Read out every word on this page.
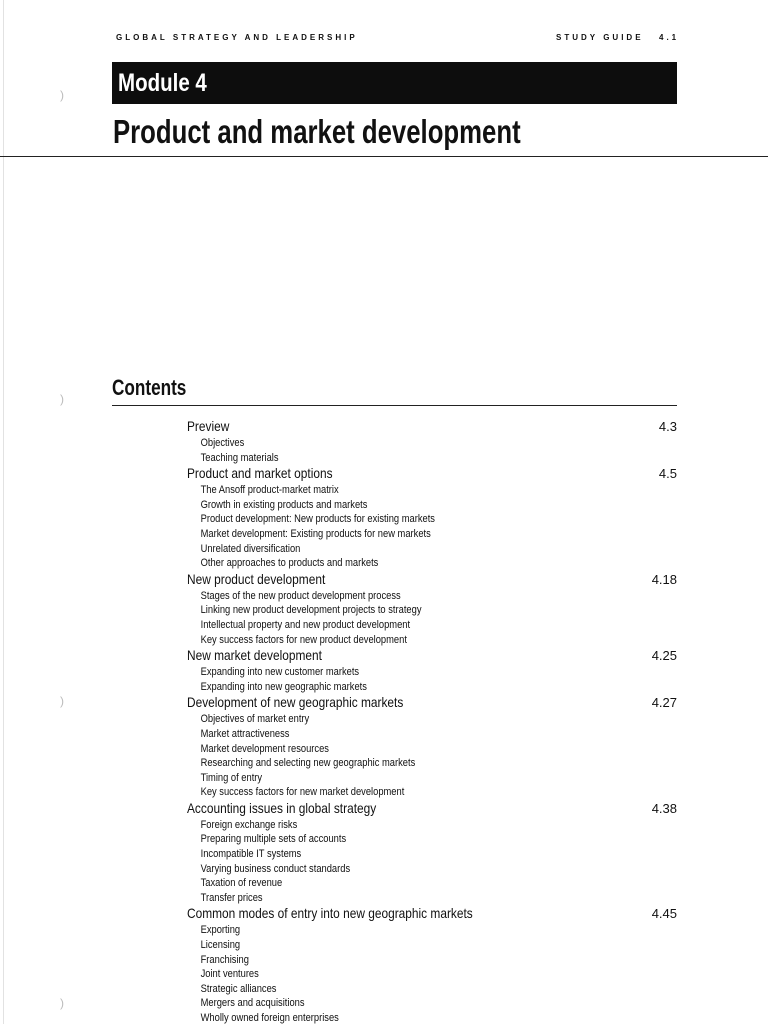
GLOBAL STRATEGY AND LEADERSHIP	STUDY GUIDE 4.1
Module 4
Product and market development
)
)
)
)
Contents
Preview	4.3
Objectives
Teaching materials
Product and market options	4.5
The Ansoff product-market matrix
Growth in existing products and markets
Product development: New products for existing markets
Market development: Existing products for new markets
Unrelated diversification
Other approaches to products and markets
New product development	4.18
Stages of the new product development process
Linking new product development projects to strategy
Intellectual property and new product development
Key success factors for new product development
New market development	4.25
Expanding into new customer markets
Expanding into new geographic markets
Development of new geographic markets	4.27
Objectives of market entry
Market attractiveness
Market development resources
Researching and selecting new geographic markets
Timing of entry
Key success factors for new market development
Accounting issues in global strategy	4.38
Foreign exchange risks
Preparing multiple sets of accounts
Incompatible IT systems
Varying business conduct standards
Taxation of revenue
Transfer prices
Common modes of entry into new geographic markets	4.45
Exporting
Licensing
Franchising
Joint ventures
Strategic alliances
Mergers and acquisitions
Wholly owned foreign enterprises
